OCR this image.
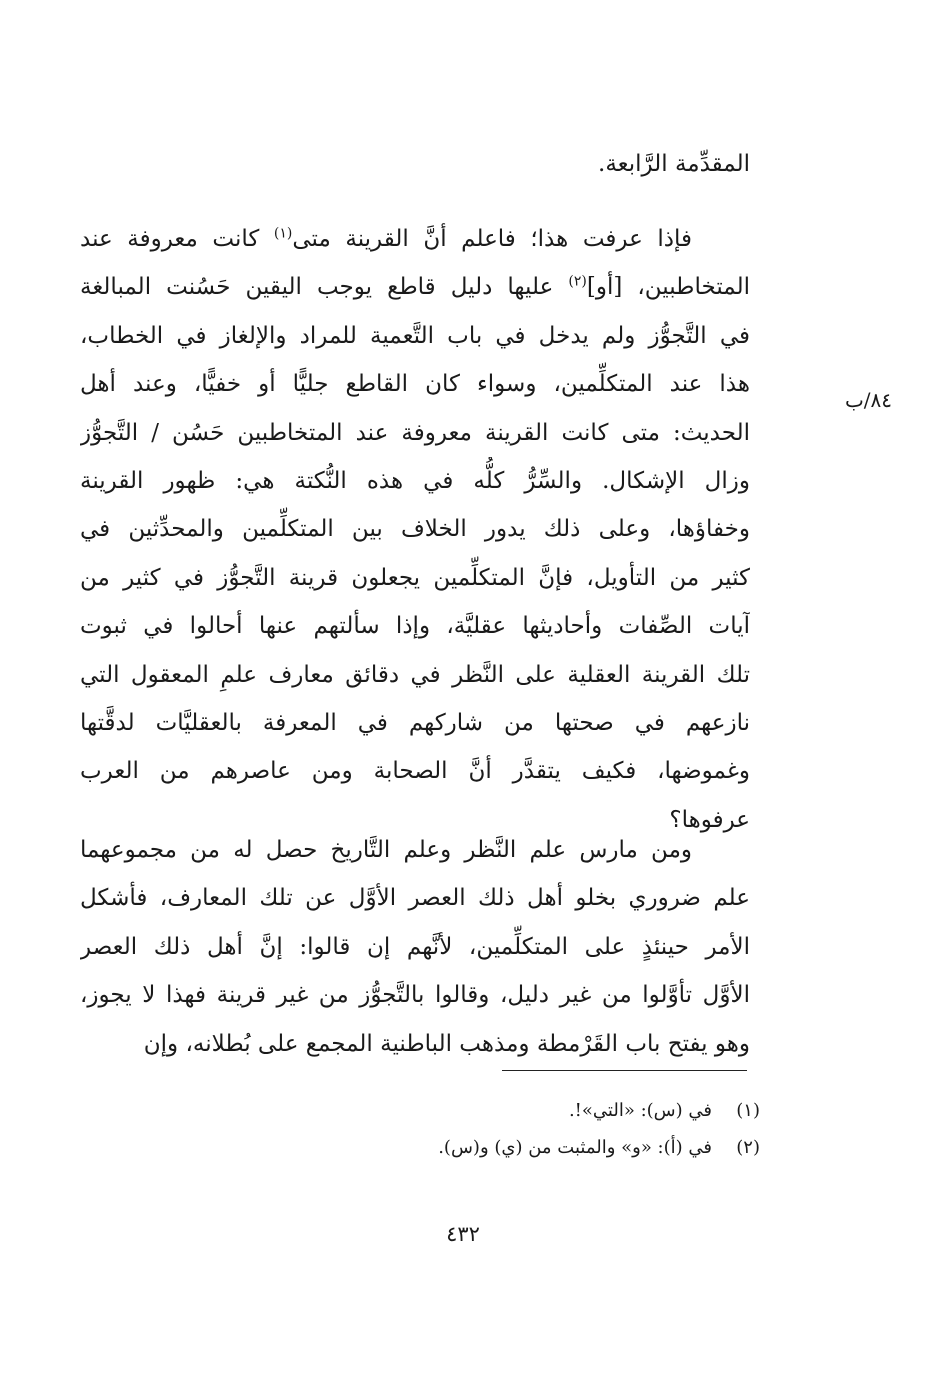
المقدِّمة الرَّابعة.
فإذا عرفت هذا؛ فاعلم أنَّ القرينة متى$^{(١)}$ كانت معروفة عند
المتخاطبين، [أو]$^{(٢)}$ عليها دليل قاطع يوجب اليقين حَسُنت المبالغة
في التَّجوُّز ولم يدخل في باب التَّعمية للمراد والإلغاز في الخطاب،
هذا عند المتكلِّمين، وسواء كان القاطع جليًّا أو خفيًّا، وعند أهل
الحديث: متى كانت القرينة معروفة عند المتخاطبين حَسُن / التَّجوُّز
وزال الإشكال. والسِّرُّ كلُّه في هذه النُّكتة هي: ظهور القرينة
وخفاؤها، وعلى ذلك يدور الخلاف بين المتكلِّمين والمحدِّثين في
كثير من التأويل، فإنَّ المتكلِّمين يجعلون قرينة التَّجوُّز في كثير من
آيات الصِّفات وأحاديثها عقليَّة، وإذا سألتهم عنها أحالوا في ثبوت
تلك القرينة العقلية على النَّظر في دقائق معارف علمِ المعقول التي
نازعهم في صحتها من شاركهم في المعرفة بالعقليَّات لدقَّتها
وغموضها، فكيف يتقدَّر أنَّ الصحابة ومن عاصرهم من العرب
عرفوها؟
ومن مارس علم النَّظر وعلم التَّاريخ حصل له من مجموعهما
علم ضروري بخلو أهل ذلك العصر الأوَّل عن تلك المعارف، فأشكل
الأمر حينئذٍ على المتكلِّمين، لأنَّهم إن قالوا: إنَّ أهل ذلك العصر
الأوَّل تأوَّلوا من غير دليل، وقالوا بالتَّجوُّز من غير قرينة فهذا لا يجوز،
وهو يفتح باب القَرْمطة ومذهب الباطنية المجمع على بُطلانه، وإن
٨٤/ب
(١)في (س): «التي»!.
(٢)في (أ): «و» والمثبت من (ي) و(س).
٤٣٢
